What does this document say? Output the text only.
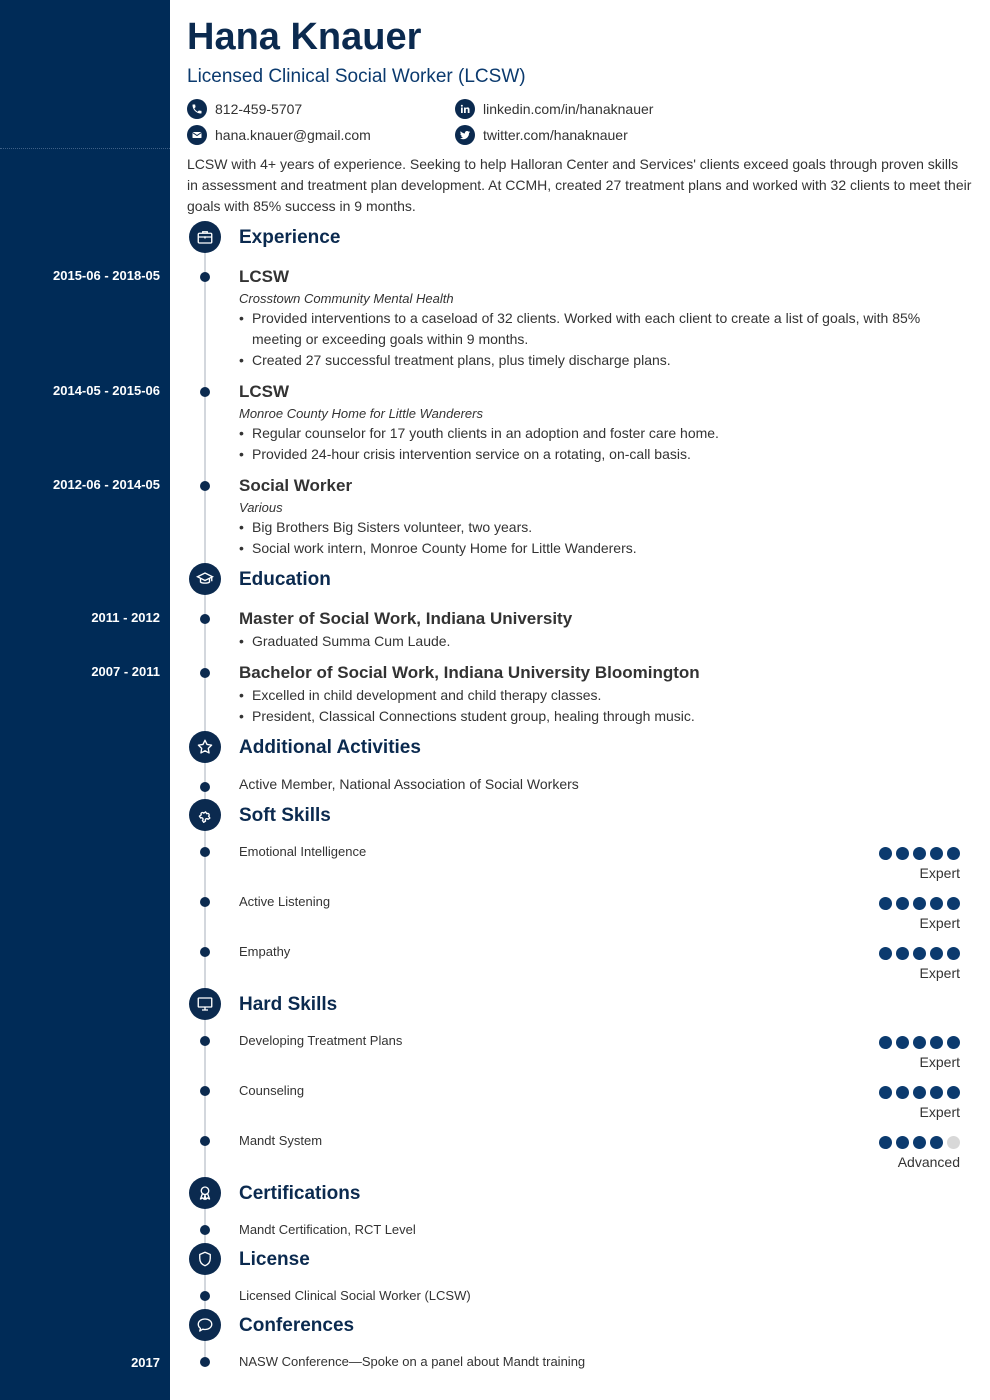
Hana Knauer
Licensed Clinical Social Worker (LCSW)
812-459-5707
hana.knauer@gmail.com
linkedin.com/in/hanaknauer
twitter.com/hanaknauer
LCSW with 4+ years of experience. Seeking to help Halloran Center and Services' clients exceed goals through proven skills in assessment and treatment plan development. At CCMH, created 27 treatment plans and worked with 32 clients to meet their goals with 85% success in 9 months.
Experience
2015-06 - 2018-05	LCSW
Crosstown Community Mental Health
• Provided interventions to a caseload of 32 clients. Worked with each client to create a list of goals, with 85% meeting or exceeding goals within 9 months.
• Created 27 successful treatment plans, plus timely discharge plans.
2014-05 - 2015-06	LCSW
Monroe County Home for Little Wanderers
• Regular counselor for 17 youth clients in an adoption and foster care home.
• Provided 24-hour crisis intervention service on a rotating, on-call basis.
2012-06 - 2014-05	Social Worker
Various
• Big Brothers Big Sisters volunteer, two years.
• Social work intern, Monroe County Home for Little Wanderers.
Education
2011 - 2012	Master of Social Work, Indiana University
• Graduated Summa Cum Laude.
2007 - 2011	Bachelor of Social Work, Indiana University Bloomington
• Excelled in child development and child therapy classes.
• President, Classical Connections student group, healing through music.
Additional Activities
Active Member, National Association of Social Workers
Soft Skills
Emotional Intelligence
Expert
Active Listening
Expert
Empathy
Expert
Hard Skills
Developing Treatment Plans
Expert
Counseling
Expert
Mandt System
Advanced
Certifications
Mandt Certification, RCT Level
License
Licensed Clinical Social Worker (LCSW)
Conferences
2017	NASW Conference—Spoke on a panel about Mandt training
